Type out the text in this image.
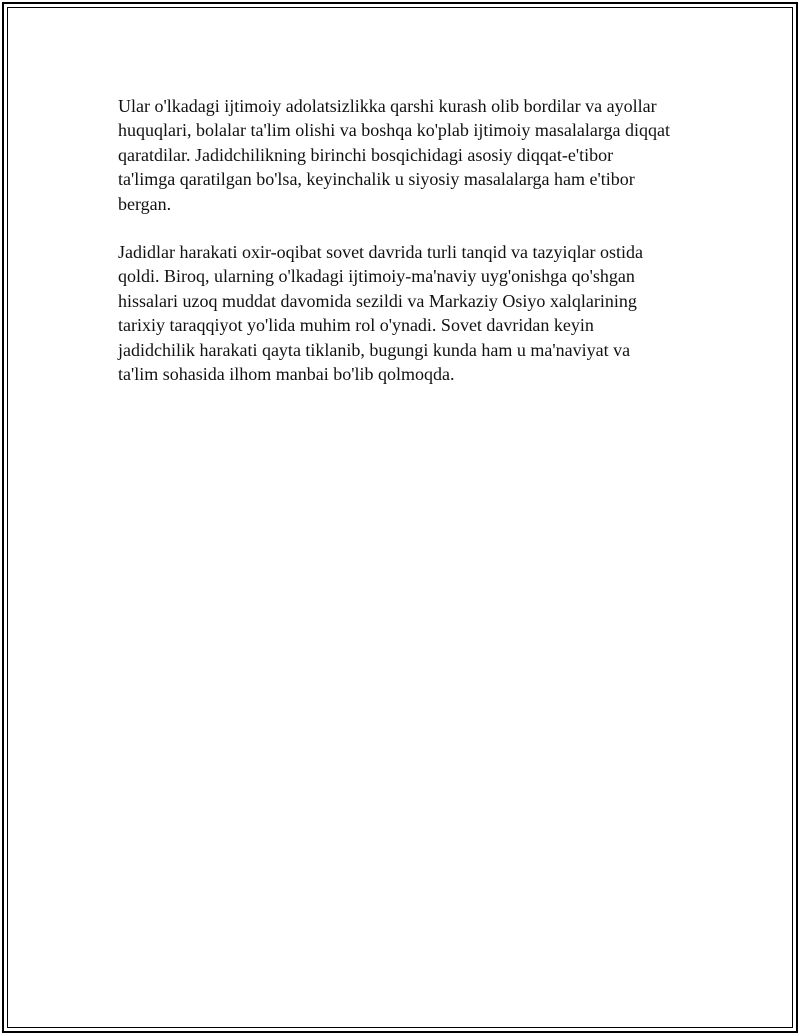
Ular o'lkadagi ijtimoiy adolatsizlikka qarshi kurash olib bordilar va ayollar
huquqlari, bolalar ta'lim olishi va boshqa ko'plab ijtimoiy masalalarga diqqat
qaratdilar. Jadidchilikning birinchi bosqichidagi asosiy diqqat-e'tibor
ta'limga qaratilgan bo'lsa, keyinchalik u siyosiy masalalarga ham e'tibor
bergan.

Jadidlar harakati oxir-oqibat sovet davrida turli tanqid va tazyiqlar ostida
qoldi. Biroq, ularning o'lkadagi ijtimoiy-ma'naviy uyg'onishga qo'shgan
hissalari uzoq muddat davomida sezildi va Markaziy Osiyo xalqlarining
tarixiy taraqqiyot yo'lida muhim rol o'ynadi. Sovet davridan keyin
jadidchilik harakati qayta tiklanib, bugungi kunda ham u ma'naviyat va
ta'lim sohasida ilhom manbai bo'lib qolmoqda.
